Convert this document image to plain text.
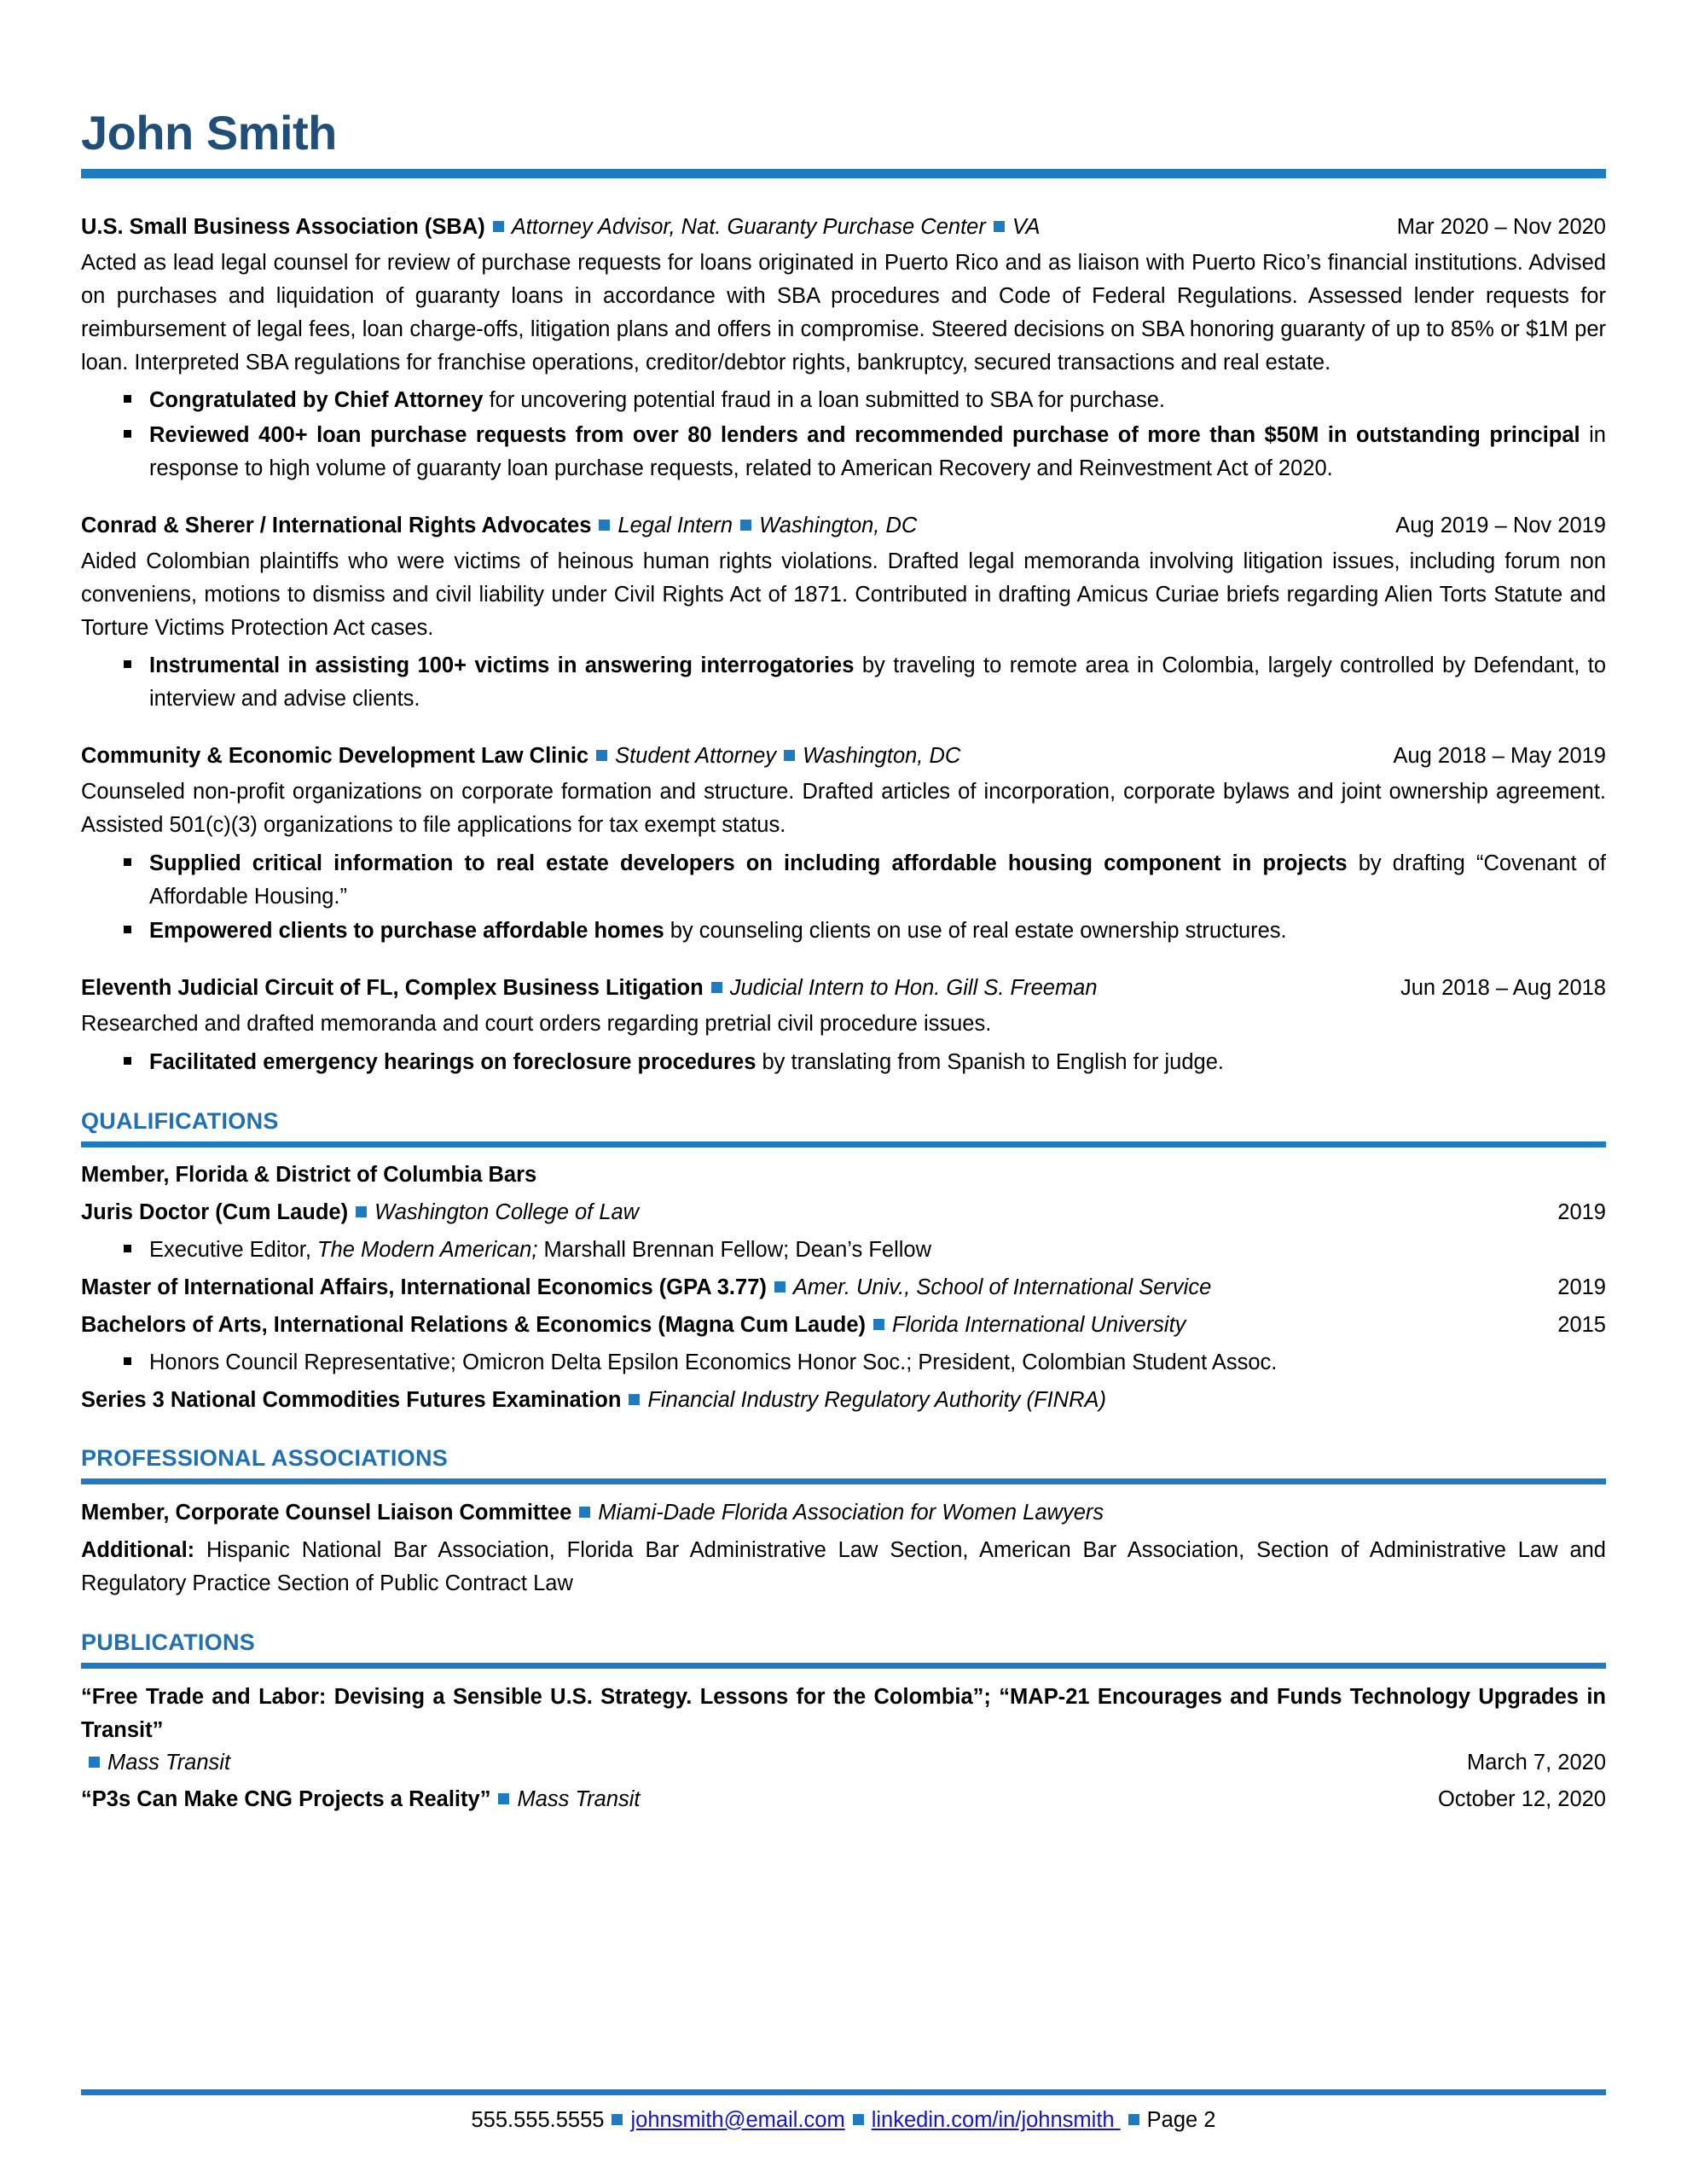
John Smith
U.S. Small Business Association (SBA) Attorney Advisor, Nat. Guaranty Purchase Center VA	Mar 2020 – Nov 2020

Acted as lead legal counsel for review of purchase requests for loans originated in Puerto Rico and as liaison with Puerto Rico’s financial institutions. Advised on purchases and liquidation of guaranty loans in accordance with SBA procedures and Code of Federal Regulations. Assessed lender requests for reimbursement of legal fees, loan charge-offs, litigation plans and offers in compromise. Steered decisions on SBA honoring guaranty of up to 85% or $1M per loan. Interpreted SBA regulations for franchise operations, creditor/debtor rights, bankruptcy, secured transactions and real estate.

Congratulated by Chief Attorney for uncovering potential fraud in a loan submitted to SBA for purchase.
Reviewed 400+ loan purchase requests from over 80 lenders and recommended purchase of more than $50M in outstanding principal in response to high volume of guaranty loan purchase requests, related to American Recovery and Reinvestment Act of 2020.
Conrad & Sherer / International Rights Advocates Legal Intern Washington, DC	Aug 2019 – Nov 2019

Aided Colombian plaintiffs who were victims of heinous human rights violations. Drafted legal memoranda involving litigation issues, including forum non conveniens, motions to dismiss and civil liability under Civil Rights Act of 1871. Contributed in drafting Amicus Curiae briefs regarding Alien Torts Statute and Torture Victims Protection Act cases.

Instrumental in assisting 100+ victims in answering interrogatories by traveling to remote area in Colombia, largely controlled by Defendant, to interview and advise clients.
Community & Economic Development Law Clinic Student Attorney Washington, DC	Aug 2018 – May 2019

Counseled non-profit organizations on corporate formation and structure. Drafted articles of incorporation, corporate bylaws and joint ownership agreement. Assisted 501(c)(3) organizations to file applications for tax exempt status.

Supplied critical information to real estate developers on including affordable housing component in projects by drafting “Covenant of Affordable Housing.”
Empowered clients to purchase affordable homes by counseling clients on use of real estate ownership structures.
Eleventh Judicial Circuit of FL, Complex Business Litigation Judicial Intern to Hon. Gill S. Freeman	Jun 2018 – Aug 2018

Researched and drafted memoranda and court orders regarding pretrial civil procedure issues.

Facilitated emergency hearings on foreclosure procedures by translating from Spanish to English for judge.
QUALIFICATIONS
Member, Florida & District of Columbia Bars
Juris Doctor (Cum Laude) Washington College of Law	2019
Executive Editor, The Modern American; Marshall Brennan Fellow; Dean’s Fellow
Master of International Affairs, International Economics (GPA 3.77) Amer. Univ., School of International Service	2019
Bachelors of Arts, International Relations & Economics (Magna Cum Laude) Florida International University	2015
Honors Council Representative; Omicron Delta Epsilon Economics Honor Soc.; President, Colombian Student Assoc.
Series 3 National Commodities Futures Examination Financial Industry Regulatory Authority (FINRA)
PROFESSIONAL ASSOCIATIONS
Member, Corporate Counsel Liaison Committee Miami-Dade Florida Association for Women Lawyers
Additional: Hispanic National Bar Association, Florida Bar Administrative Law Section, American Bar Association, Section of Administrative Law and Regulatory Practice Section of Public Contract Law
PUBLICATIONS
“Free Trade and Labor: Devising a Sensible U.S. Strategy. Lessons for the Colombia”; “MAP-21 Encourages and Funds Technology Upgrades in Transit”
Mass Transit	March 7, 2020
“P3s Can Make CNG Projects a Reality” Mass Transit	October 12, 2020
555.555.5555 johnsmith@email.com linkedin.com/in/johnsmith Page 2
